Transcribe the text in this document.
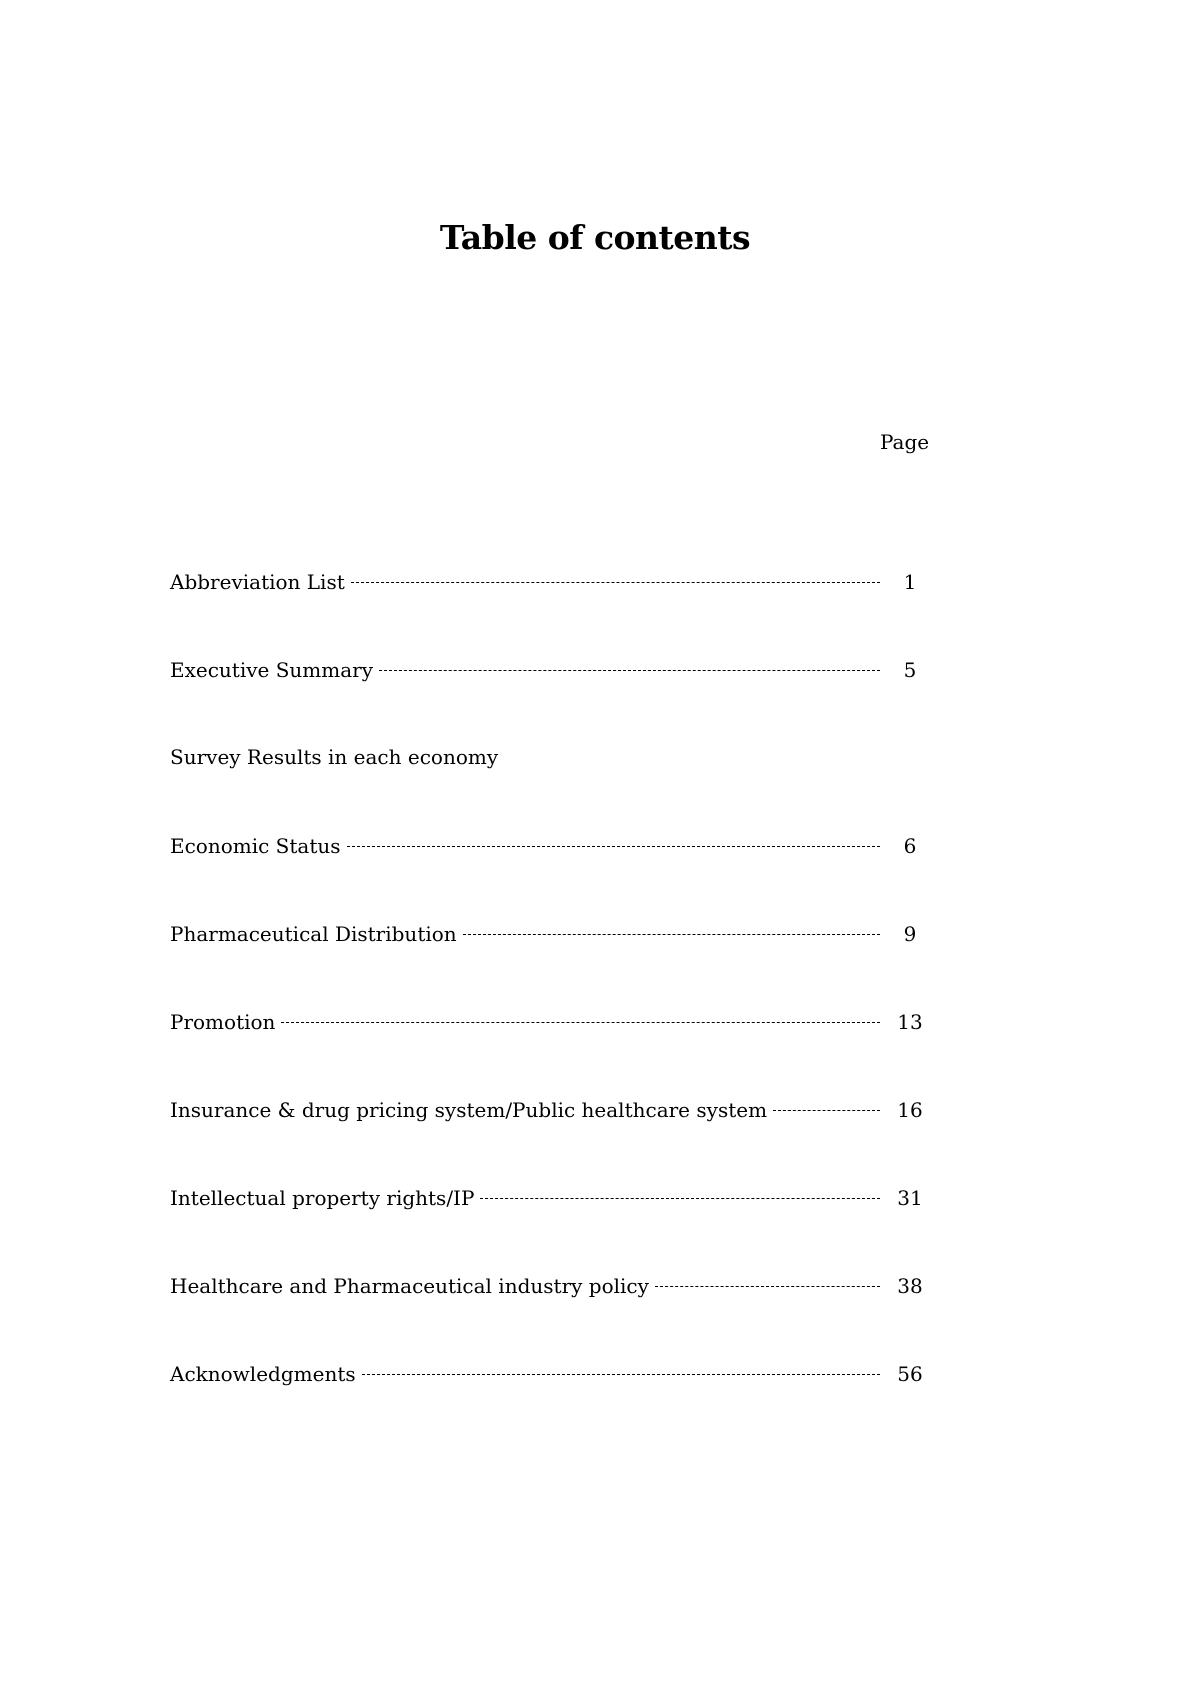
Table of contents
Page
Abbreviation List	1
Executive Summary	5
Survey Results in each economy
Economic Status	6
Pharmaceutical Distribution	9
Promotion	13
Insurance & drug pricing system/Public healthcare system	16
Intellectual property rights/IP	31
Healthcare and Pharmaceutical industry policy	38
Acknowledgments	56
